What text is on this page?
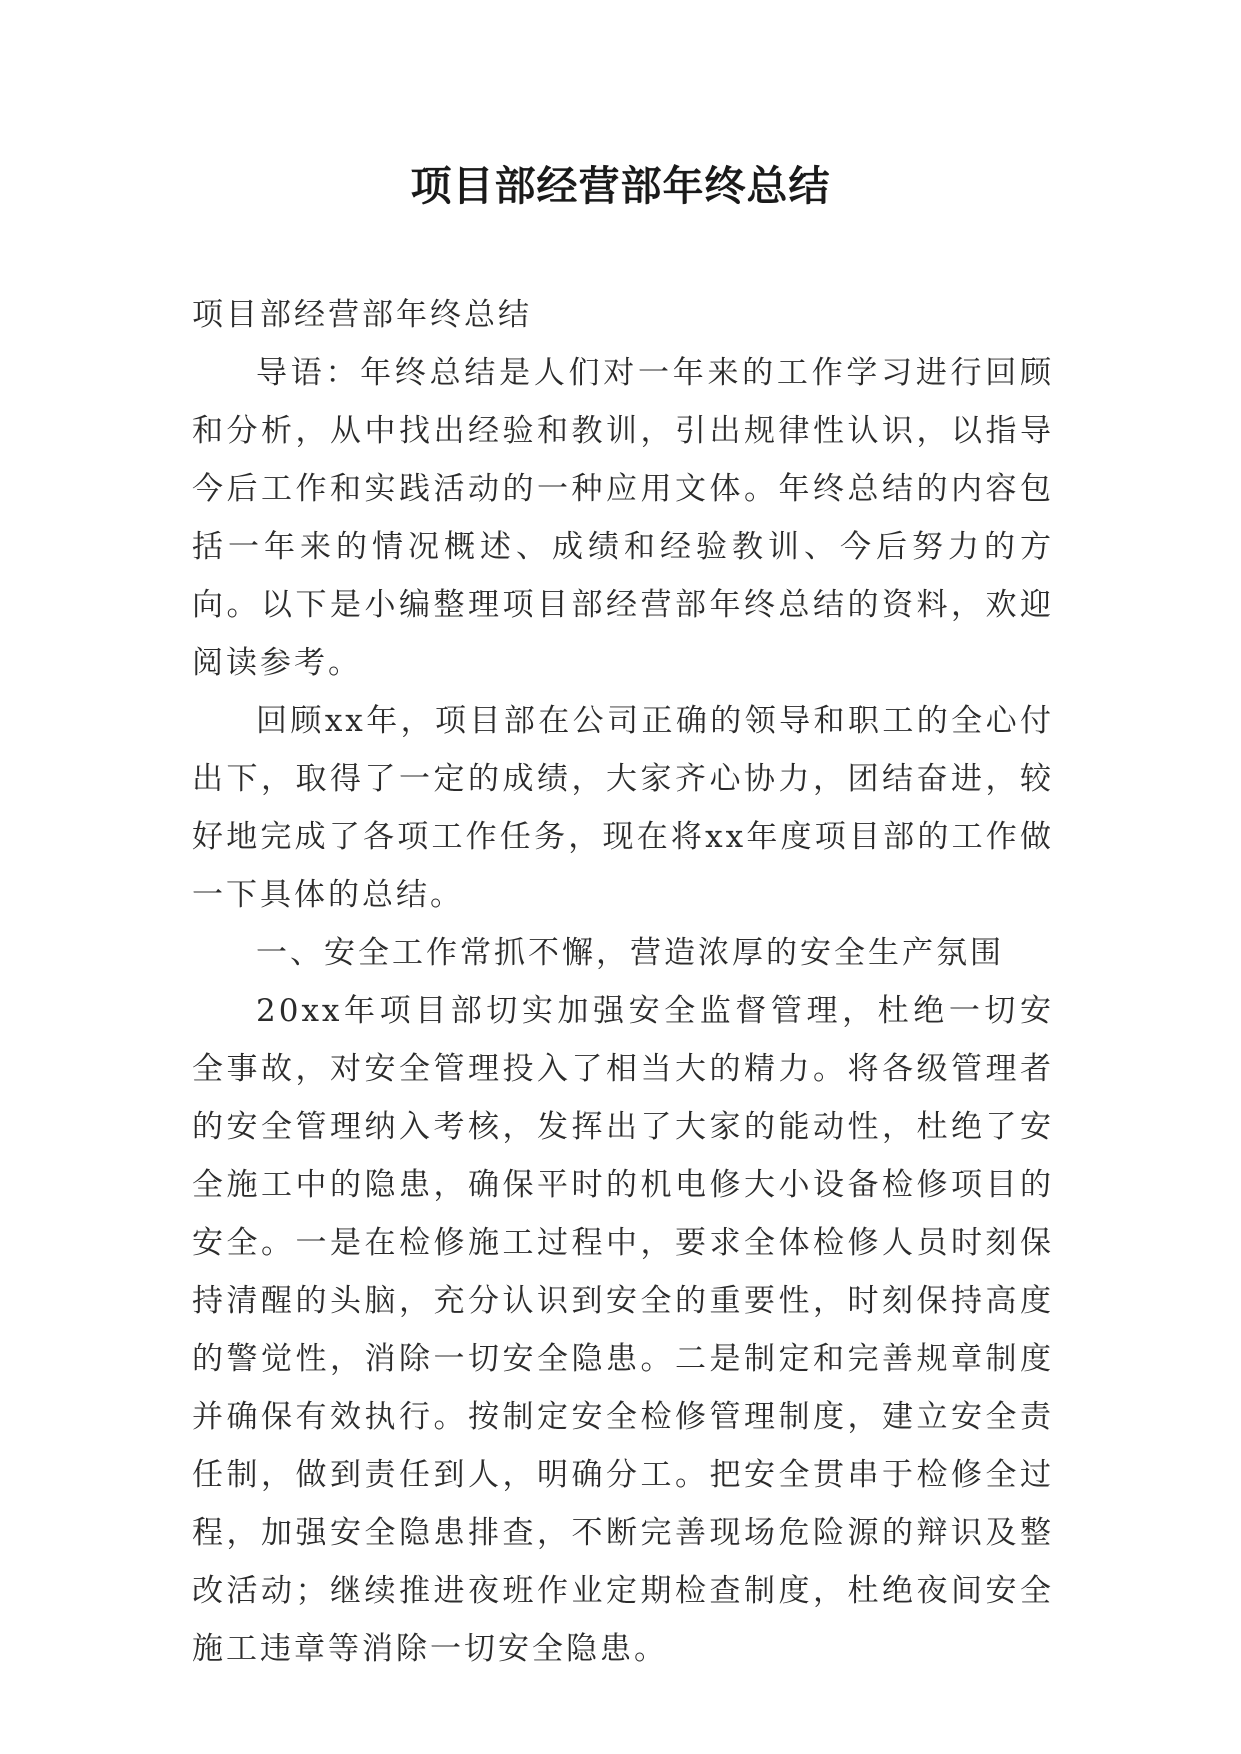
项目部经营部年终总结

项目部经营部年终总结

导语：年终总结是人们对一年来的工作学习进行回顾和分析，从中找出经验和教训，引出规律性认识，以指导今后工作和实践活动的一种应用文体。年终总结的内容包括一年来的情况概述、成绩和经验教训、今后努力的方向。以下是小编整理项目部经营部年终总结的资料，欢迎阅读参考。

回顾xx年，项目部在公司正确的领导和职工的全心付出下，取得了一定的成绩，大家齐心协力，团结奋进，较好地完成了各项工作任务，现在将xx年度项目部的工作做一下具体的总结。

一、安全工作常抓不懈，营造浓厚的安全生产氛围

20xx年项目部切实加强安全监督管理，杜绝一切安全事故，对安全管理投入了相当大的精力。将各级管理者的安全管理纳入考核，发挥出了大家的能动性，杜绝了安全施工中的隐患，确保平时的机电修大小设备检修项目的安全。一是在检修施工过程中，要求全体检修人员时刻保持清醒的头脑，充分认识到安全的重要性，时刻保持高度的警觉性，消除一切安全隐患。二是制定和完善规章制度并确保有效执行。按制定安全检修管理制度，建立安全责任制，做到责任到人，明确分工。把安全贯串于检修全过程，加强安全隐患排查，不断完善现场危险源的辩识及整改活动；继续推进夜班作业定期检查制度，杜绝夜间安全施工违章等消除一切安全隐患。
